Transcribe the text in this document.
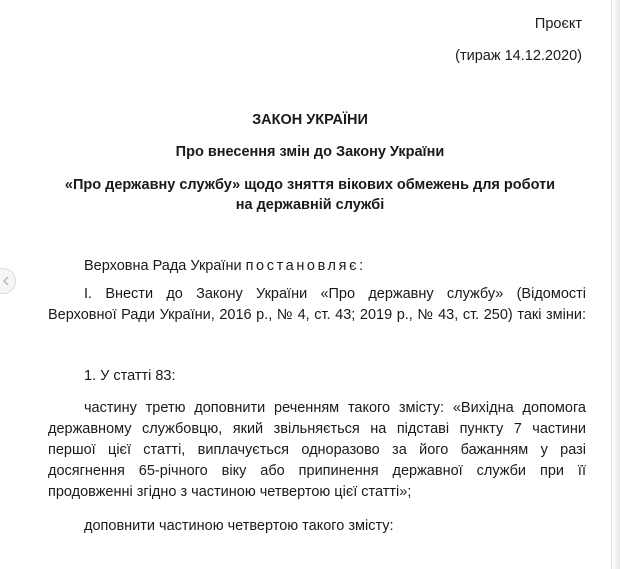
Проєкт
(тираж 14.12.2020)
ЗАКОН УКРАЇНИ
Про внесення змін до Закону України
«Про державну службу» щодо зняття вікових обмежень для роботи
на державній службі
Верховна Рада України постановляє:
І. Внести до Закону України «Про державну службу» (Відомості
Верховної Ради України, 2016 р., № 4, ст. 43; 2019 р., № 43, ст. 250) такі зміни:
1. У статті 83:
частину третю доповнити реченням такого змісту: «Вихідна допомога
державному службовцю, який звільняється на підставі пункту 7 частини
першої цієї статті, виплачується одноразово за його бажанням у разі
досягнення 65-річного віку або припинення державної служби при її
продовженні згідно з частиною четвертою цієї статті»;
доповнити частиною четвертою такого змісту:
